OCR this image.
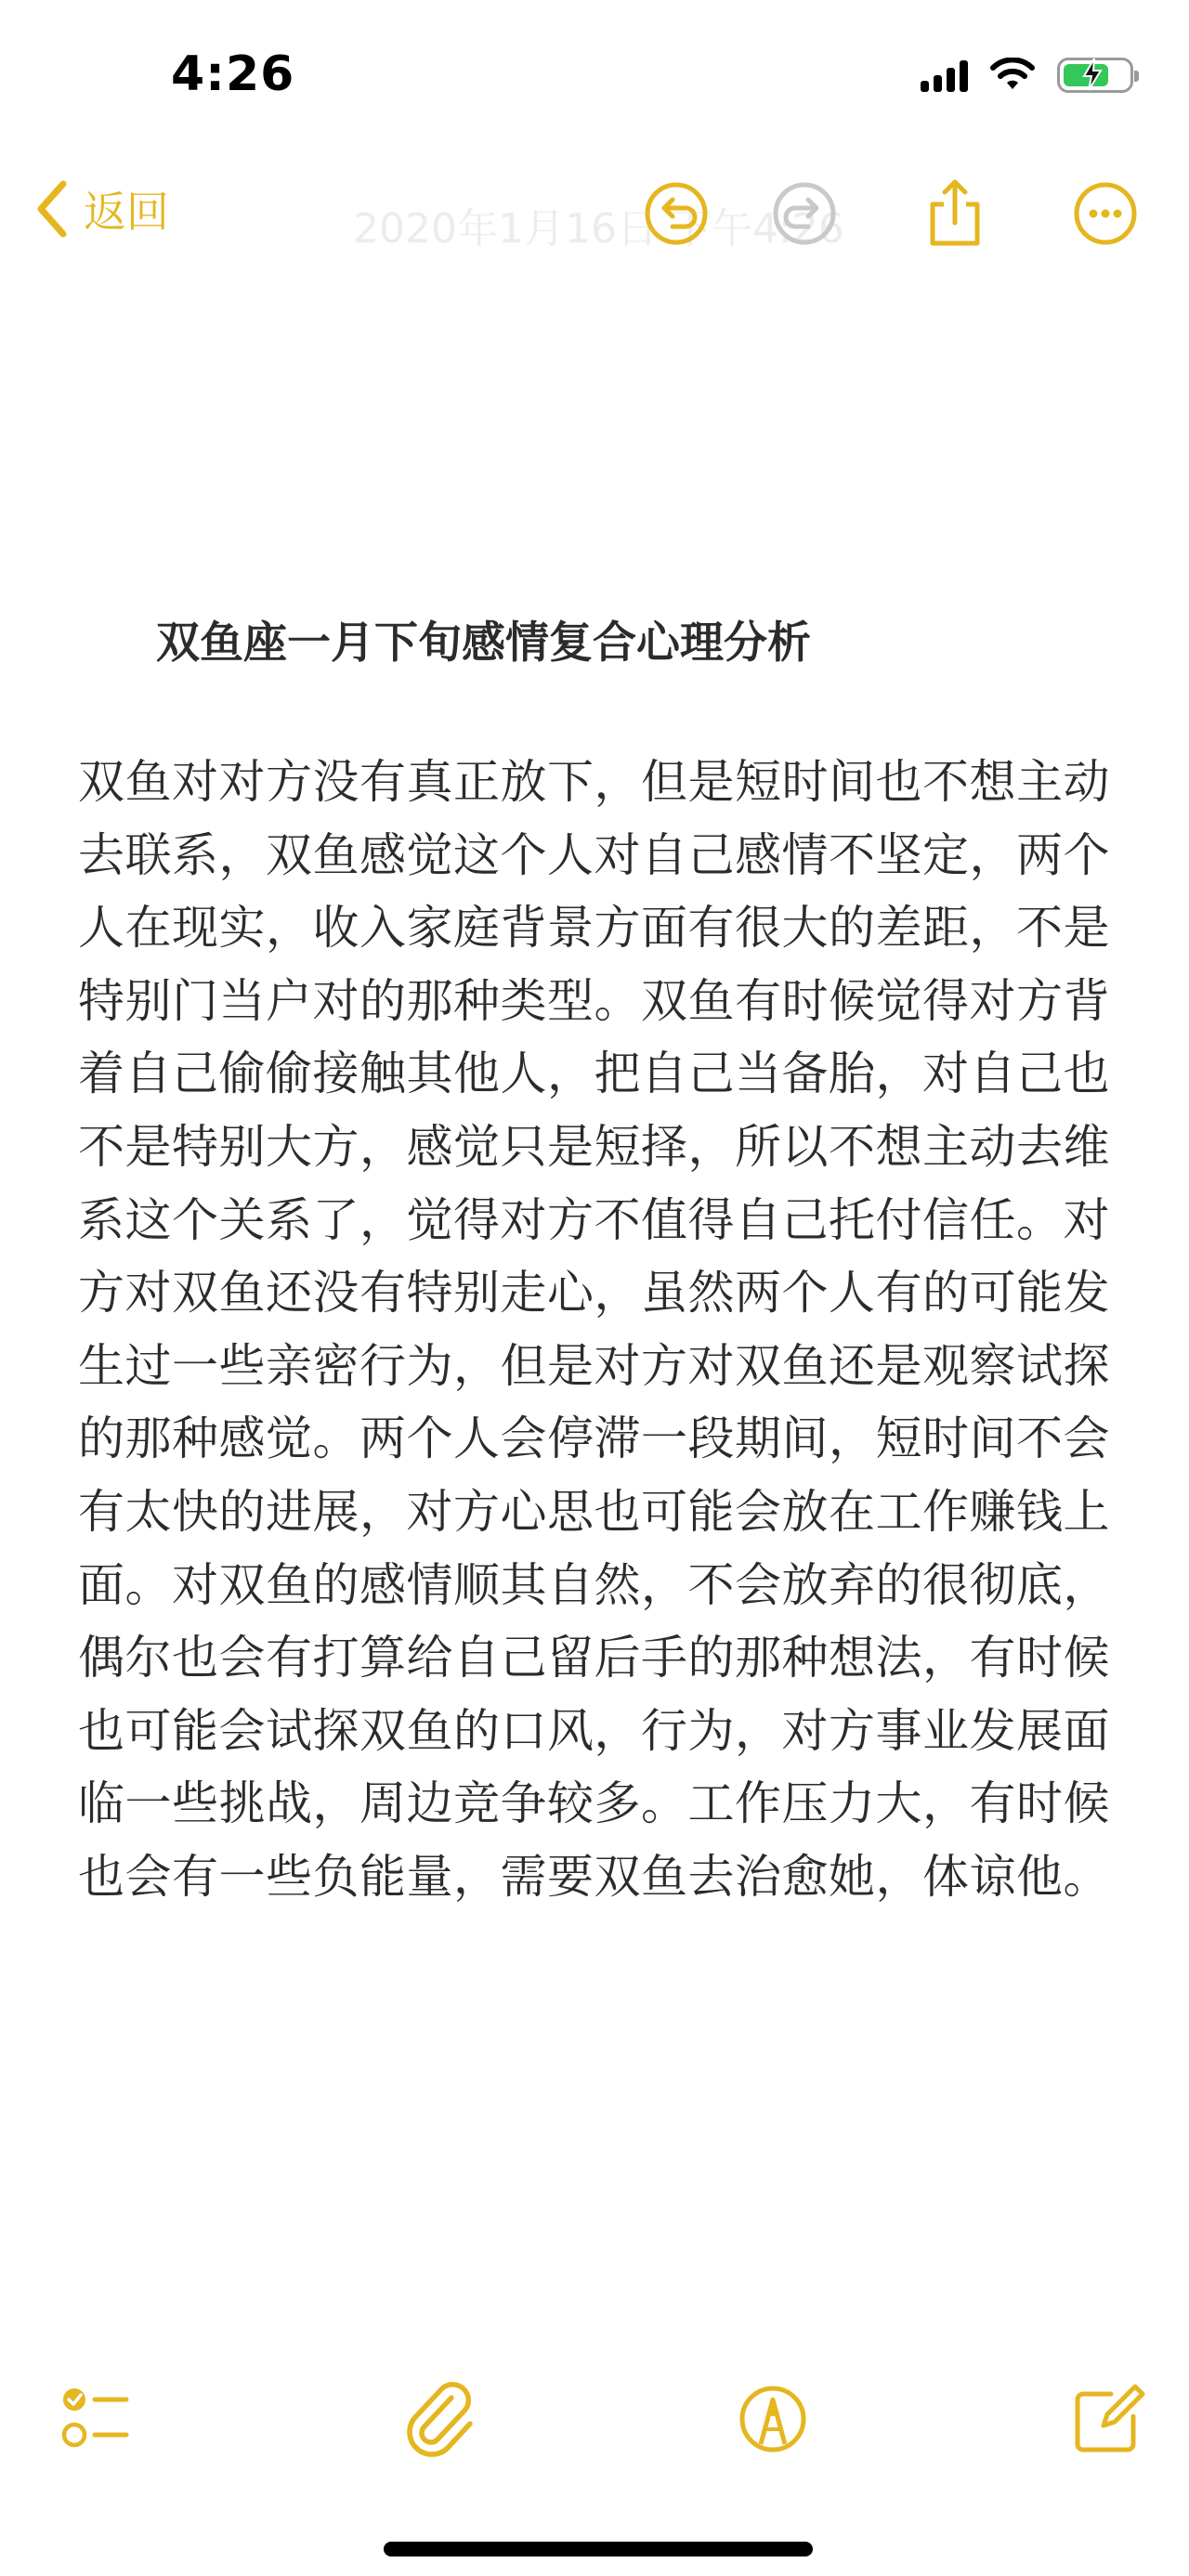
4:26
2020年1月16日 下午4:26
返回
双鱼座一月下旬感情复合心理分析
双鱼对对方没有真正放下，但是短时间也不想主动
去联系，双鱼感觉这个人对自己感情不坚定，两个
人在现实，收入家庭背景方面有很大的差距，不是
特别门当户对的那种类型。双鱼有时候觉得对方背
着自己偷偷接触其他人，把自己当备胎，对自己也
不是特别大方，感觉只是短择，所以不想主动去维
系这个关系了，觉得对方不值得自己托付信任。对
方对双鱼还没有特别走心，虽然两个人有的可能发
生过一些亲密行为，但是对方对双鱼还是观察试探
的那种感觉。两个人会停滞一段期间，短时间不会
有太快的进展，对方心思也可能会放在工作赚钱上
面。对双鱼的感情顺其自然，不会放弃的很彻底，
偶尔也会有打算给自己留后手的那种想法，有时候
也可能会试探双鱼的口风，行为，对方事业发展面
临一些挑战，周边竞争较多。工作压力大，有时候
也会有一些负能量，需要双鱼去治愈她，体谅他。
